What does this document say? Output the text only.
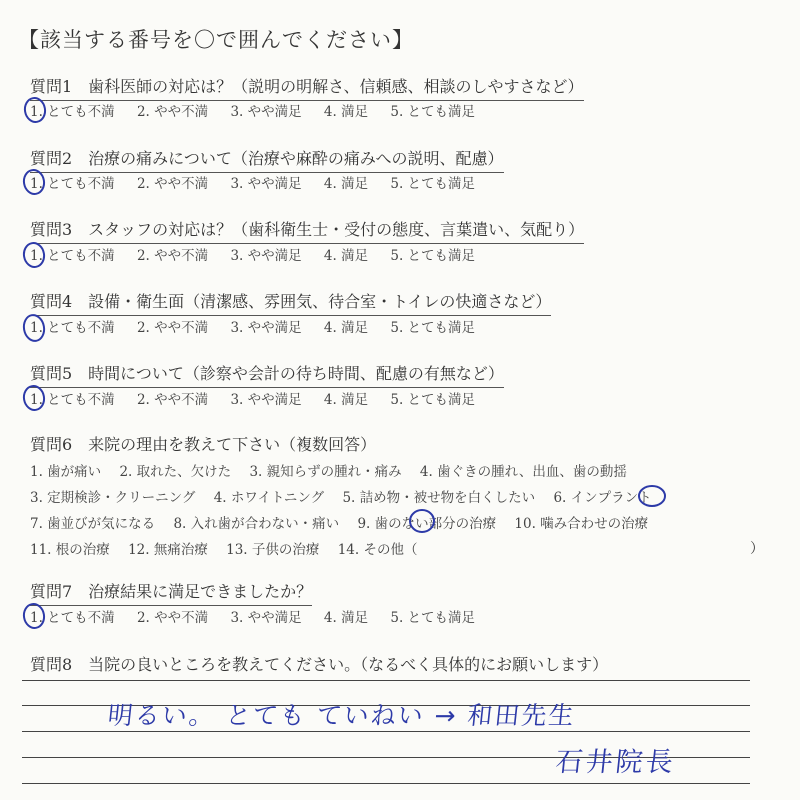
【該当する番号を〇で囲んでください】
質問1　歯科医師の対応は？（説明の明解さ、信頼感、相談のしやすさなど）
1. とても不満 2. やや不満 3. やや満足 4. 満足 5. とても満足
質問2　治療の痛みについて（治療や麻酔の痛みへの説明、配慮）
1. とても不満 2. やや不満 3. やや満足 4. 満足 5. とても満足
質問3　スタッフの対応は？（歯科衛生士・受付の態度、言葉遣い、気配り）
1. とても不満 2. やや不満 3. やや満足 4. 満足 5. とても満足
質問4　設備・衛生面（清潔感、雰囲気、待合室・トイレの快適さなど）
1. とても不満 2. やや不満 3. やや満足 4. 満足 5. とても満足
質問5　時間について（診察や会計の待ち時間、配慮の有無など）
1. とても不満 2. やや不満 3. やや満足 4. 満足 5. とても満足
質問6　来院の理由を教えて下さい（複数回答）
1. 歯が痛い 2. 取れた、欠けた 3. 親知らずの腫れ・痛み 4. 歯ぐきの腫れ、出血、歯の動揺
3. 定期検診・クリーニング 4. ホワイトニング 5. 詰め物・被せ物を白くしたい 6. インプラント
7. 歯並びが気になる 8. 入れ歯が合わない・痛い 9. 歯のない部分の治療 10. 噛み合わせの治療
11. 根の治療 12. 無痛治療 13. 子供の治療 14. その他（	）
質問7　治療結果に満足できましたか？
1. とても不満 2. やや不満 3. やや満足 4. 満足 5. とても満足
質問8　当院の良いところを教えてください。（なるべく具体的にお願いします）
明るい。 とても ていねい → 和田先生
石井院長
